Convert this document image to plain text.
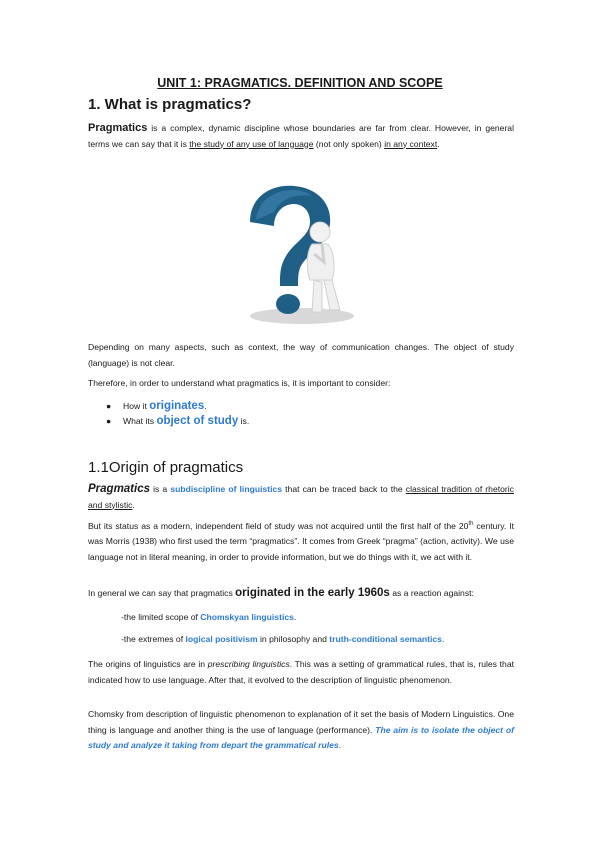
UNIT 1: PRAGMATICS. DEFINITION AND SCOPE
1. What is pragmatics?
Pragmatics is a complex, dynamic discipline whose boundaries are far from clear. However, in general terms we can say that it is the study of any use of language (not only spoken) in any context.
Depending on many aspects, such as context, the way of communication changes. The object of study (language) is not clear.
Therefore, in order to understand what pragmatics is, it is important to consider:
● How it originates.
● What its object of study is.
1.1Origin of pragmatics
Pragmatics is a subdiscipline of linguistics that can be traced back to the classical tradition of rhetoric and stylistic.
But its status as a modern, independent field of study was not acquired until the first half of the 20th century. It was Morris (1938) who first used the term “pragmatics”. It comes from Greek “pragma” (action, activity). We use language not in literal meaning, in order to provide information, but we do things with it, we act with it.
In general we can say that pragmatics originated in the early 1960s as a reaction against:
-the limited scope of Chomskyan linguistics.
-the extremes of logical positivism in philosophy and truth-conditional semantics.
The origins of linguistics are in prescribing linguistics. This was a setting of grammatical rules, that is, rules that indicated how to use language. After that, it evolved to the description of linguistic phenomenon.
Chomsky from description of linguistic phenomenon to explanation of it set the basis of Modern Linguistics. One thing is language and another thing is the use of language (performance). The aim is to isolate the object of study and analyze it taking from depart the grammatical rules.
